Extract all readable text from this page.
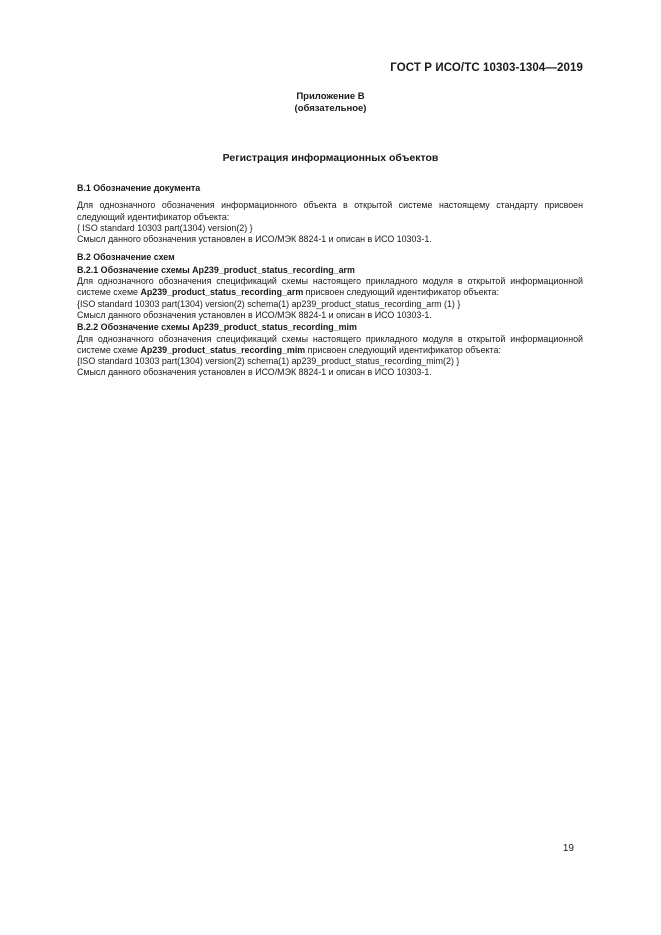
ГОСТ Р ИСО/ТС 10303-1304—2019
Приложение В
(обязательное)
Регистрация информационных объектов

В.1 Обозначение документа

Для однозначного обозначения информационного объекта в открытой системе настоящему стандарту присвоен следующий идентификатор объекта:

{ ISO standard 10303 part(1304) version(2) }

Смысл данного обозначения установлен в ИСО/МЭК 8824-1 и описан в ИСО 10303-1.

В.2 Обозначение схем

В.2.1 Обозначение схемы Ap239_product_status_recording_arm

Для однозначного обозначения спецификаций схемы настоящего прикладного модуля в открытой информационной системе схеме Ap239_product_status_recording_arm присвоен следующий идентификатор объекта:

{ISO standard 10303 part(1304) version(2) schema(1) ap239_product_status_recording_arm (1) }

Смысл данного обозначения установлен в ИСО/МЭК 8824-1 и описан в ИСО 10303-1.

В.2.2 Обозначение схемы Ap239_product_status_recording_mim

Для однозначного обозначения спецификаций схемы настоящего прикладного модуля в открытой информационной системе схеме Ap239_product_status_recording_mim присвоен следующий идентификатор объекта:

{ISO standard 10303 part(1304) version(2) schema(1) ap239_product_status_recording_mim(2) }

Смысл данного обозначения установлен в ИСО/МЭК 8824-1 и описан в ИСО 10303-1.

19
